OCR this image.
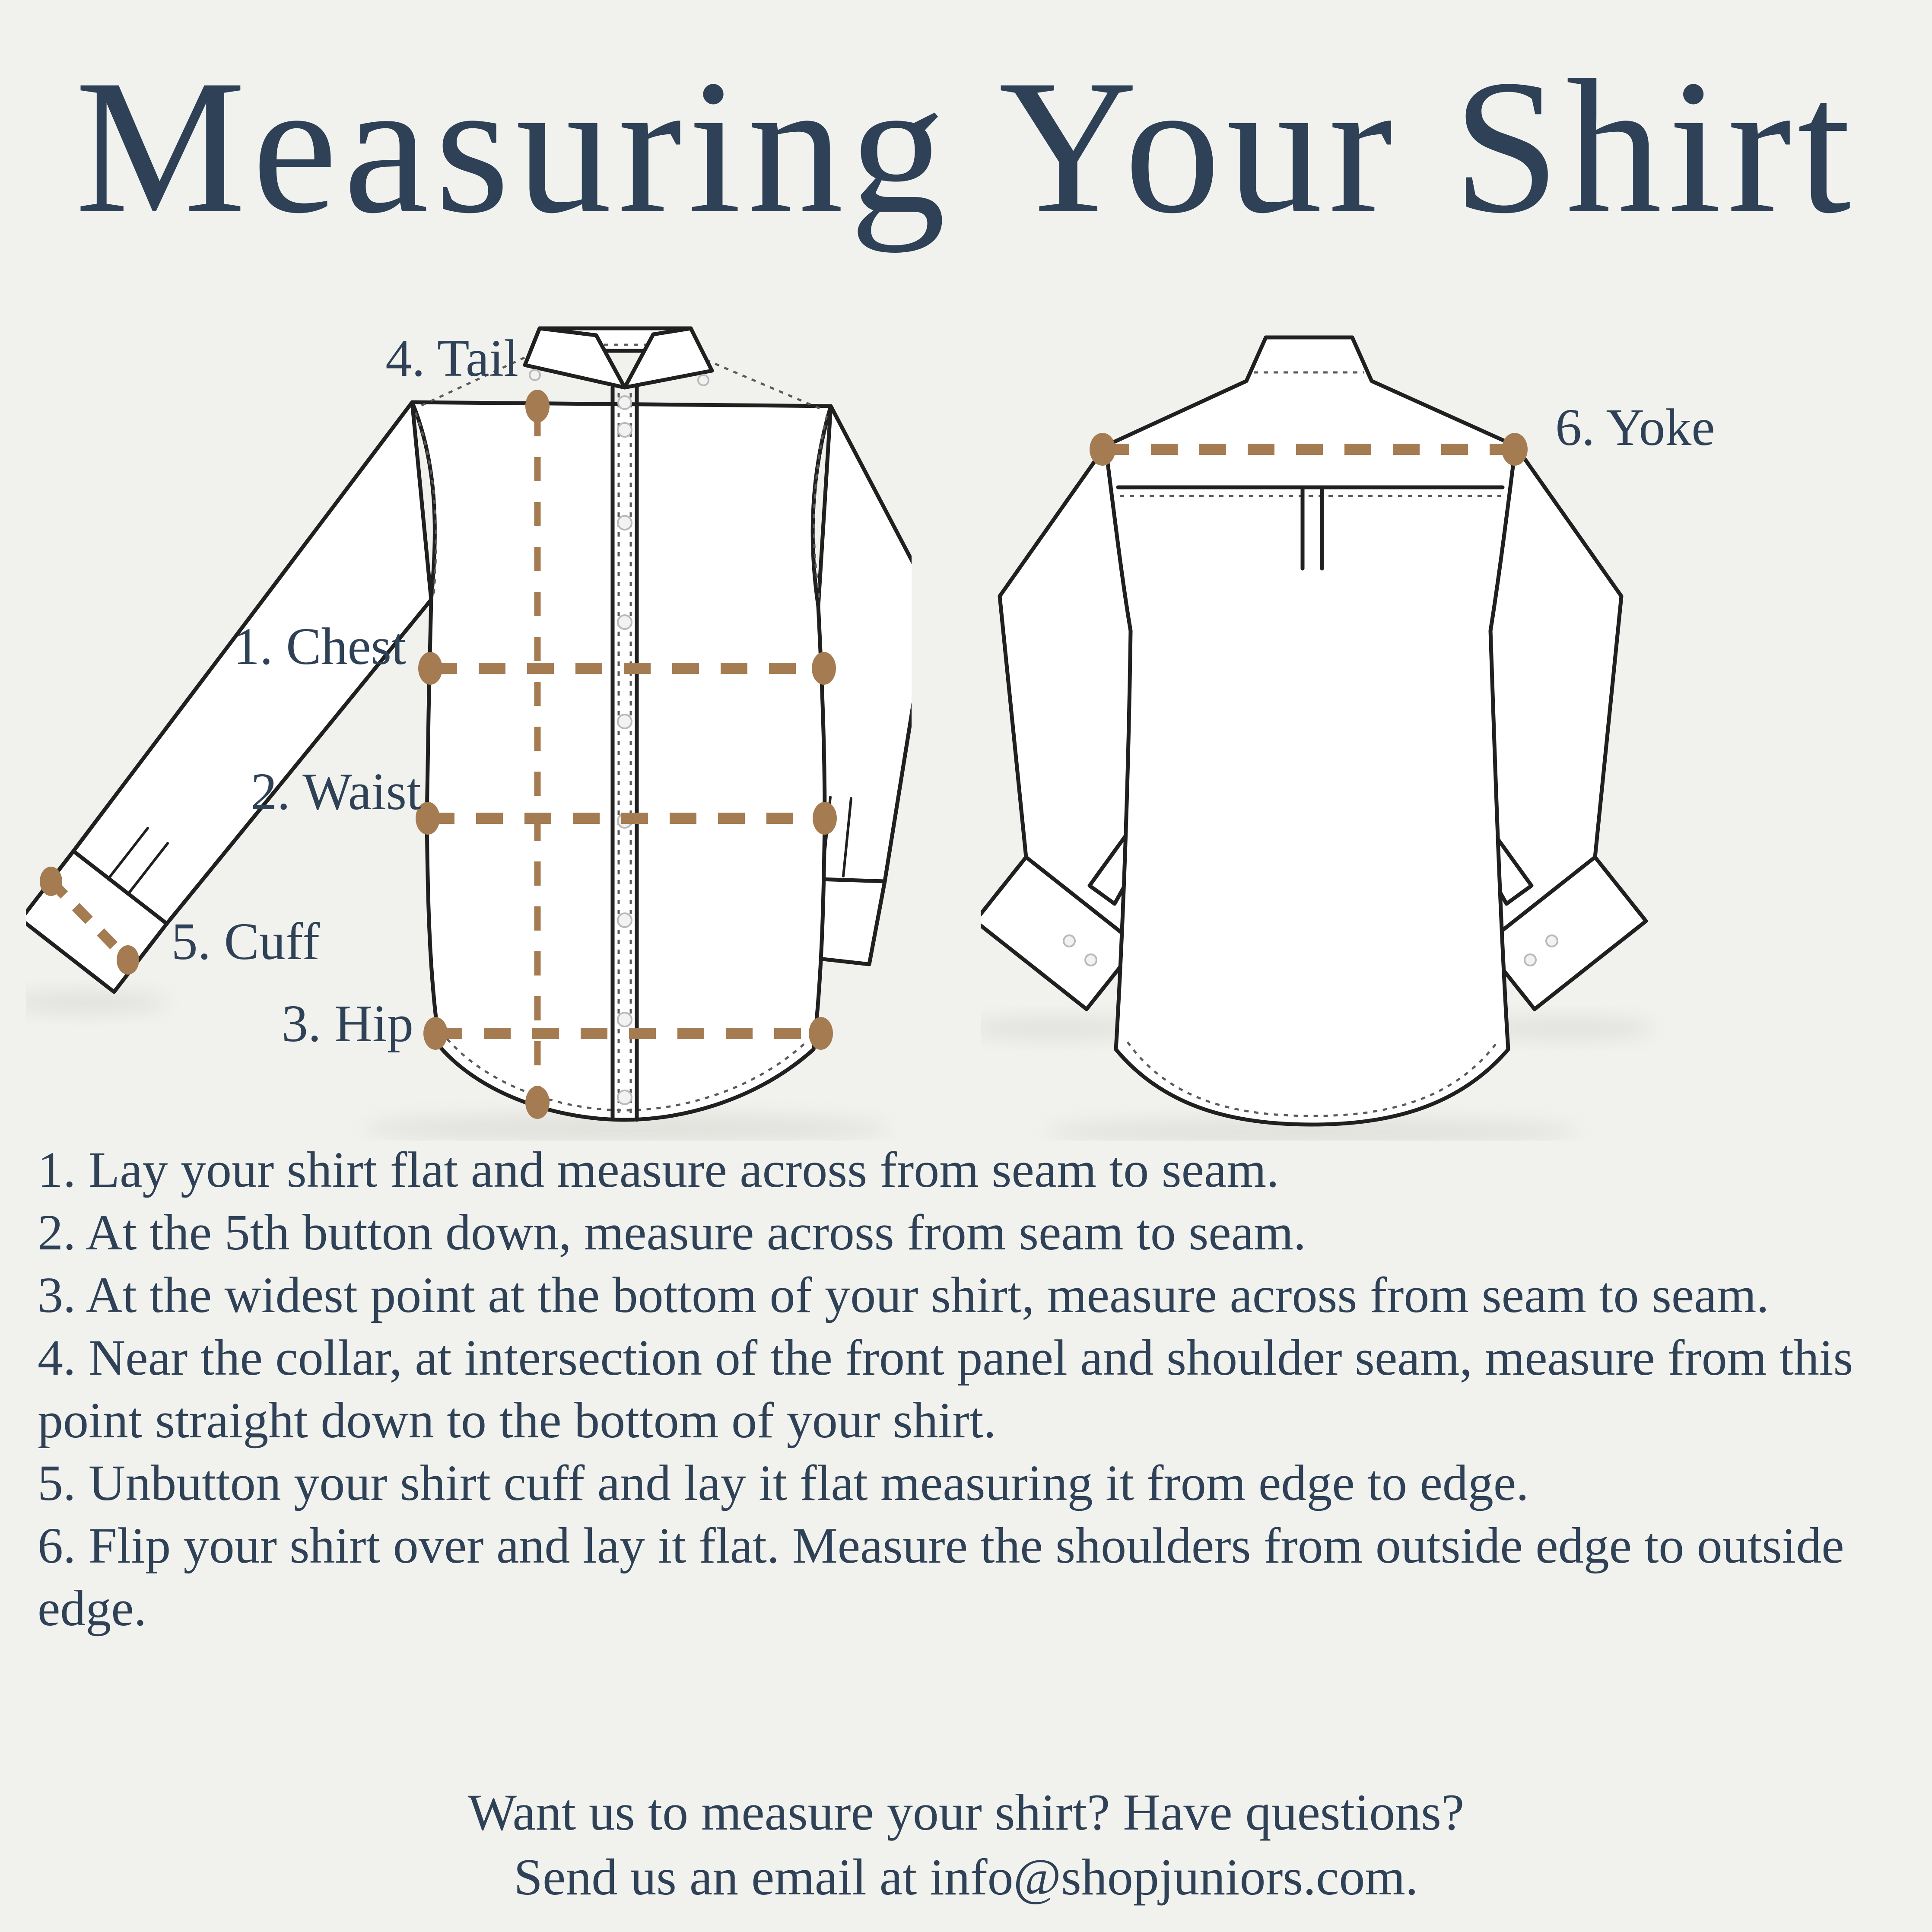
Measuring Your Shirt
4. Tail
1. Chest
2. Waist
5. Cuff
3. Hip
6. Yoke

1. Lay your shirt flat and measure across from seam to seam.

2. At the 5th button down, measure across from seam to seam.

3. At the widest point at the bottom of your shirt, measure across from seam to seam.

4. Near the collar, at intersection of the front panel and shoulder seam, measure from this point straight down to the bottom of your shirt.

5. Unbutton your shirt cuff and lay it flat measuring it from edge to edge.

6. Flip your shirt over and lay it flat. Measure the shoulders from outside edge to outside edge.

Want us to measure your shirt? Have questions?

Send us an email at info@shopjuniors.com.
